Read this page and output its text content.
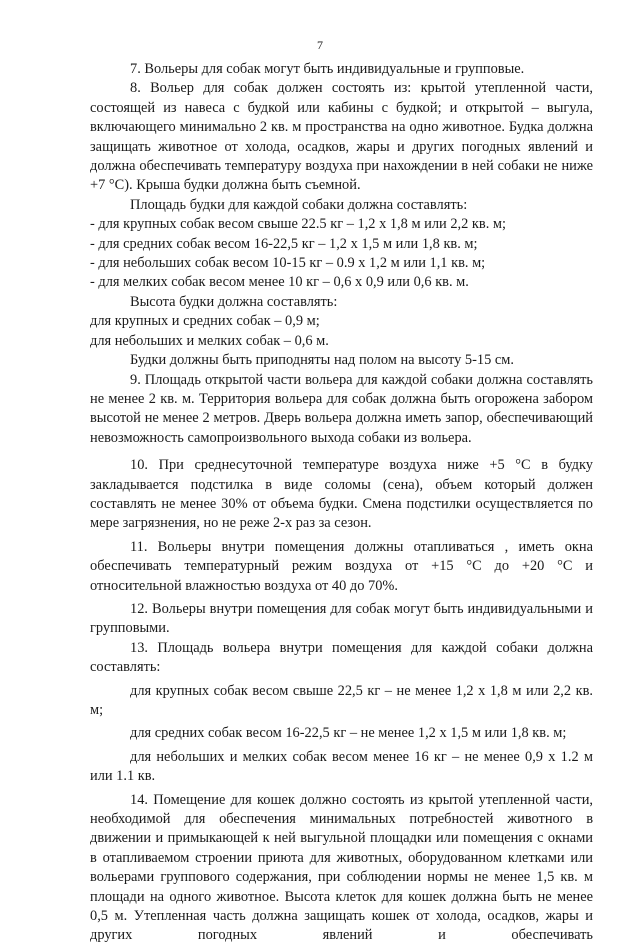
7

7. Вольеры для собак могут быть индивидуальные и групповые.

8. Вольер для собак должен состоять из: крытой утепленной части, состоящей из навеса с будкой или кабины с будкой; и открытой – выгула, включающего минимально 2 кв. м пространства на одно животное. Будка должна защищать животное от холода, осадков, жары и других погодных явлений и должна обеспечивать температуру воздуха при нахождении в ней собаки не ниже +7 °С). Крыша будки должна быть съемной.

Площадь будки для каждой собаки должна составлять:

- для крупных собак весом свыше 22.5 кг – 1,2 х 1,8 м или 2,2 кв. м;

- для средних собак весом 16-22,5 кг – 1,2 х 1,5 м или 1,8 кв. м;

- для небольших собак весом 10-15 кг – 0.9 х 1,2 м или 1,1 кв. м;

- для мелких собак весом менее 10 кг – 0,6 х 0,9 или 0,6 кв. м.

Высота будки должна составлять:

для крупных и средних собак – 0,9 м;

для небольших и мелких собак – 0,6 м.

Будки должны быть приподняты над полом на высоту 5-15 см.

9. Площадь открытой части вольера для каждой собаки должна составлять не менее 2 кв. м. Территория вольера для собак должна быть огорожена забором высотой не менее 2 метров. Дверь вольера должна иметь запор, обеспечивающий невозможность самопроизвольного выхода собаки из вольера.

10. При среднесуточной температуре воздуха ниже +5 °С в будку закладывается подстилка в виде соломы (сена), объем который должен составлять не менее 30% от объема будки. Смена подстилки осуществляется по мере загрязнения, но не реже 2-х раз за сезон.

11. Вольеры внутри помещения должны отапливаться , иметь окна обеспечивать температурный режим воздуха от +15 °С до +20 °С и относительной влажностью воздуха от 40 до 70%.

12. Вольеры внутри помещения для собак могут быть индивидуальными и групповыми.

13. Площадь вольера внутри помещения для каждой собаки должна составлять:

для крупных собак весом свыше 22,5 кг – не менее 1,2 х 1,8 м или 2,2 кв. м;

для средних собак весом 16-22,5 кг – не менее 1,2 х 1,5 м или 1,8 кв. м;

для небольших и мелких собак весом менее 16 кг – не менее 0,9 х 1.2 м или 1.1 кв.

14. Помещение для кошек должно состоять из крытой утепленной части, необходимой для обеспечения минимальных потребностей животного в движении и примыкающей к ней выгульной площадки или помещения с окнами в отапливаемом строении приюта для животных, оборудованном клетками или вольерами группового содержания, при соблюдении нормы не менее 1,5 кв. м площади на одного животное. Высота клеток для кошек должна быть не менее 0,5 м. Утепленная часть должна защищать кошек от холода, осадков, жары и других погодных явлений и обеспечивать
